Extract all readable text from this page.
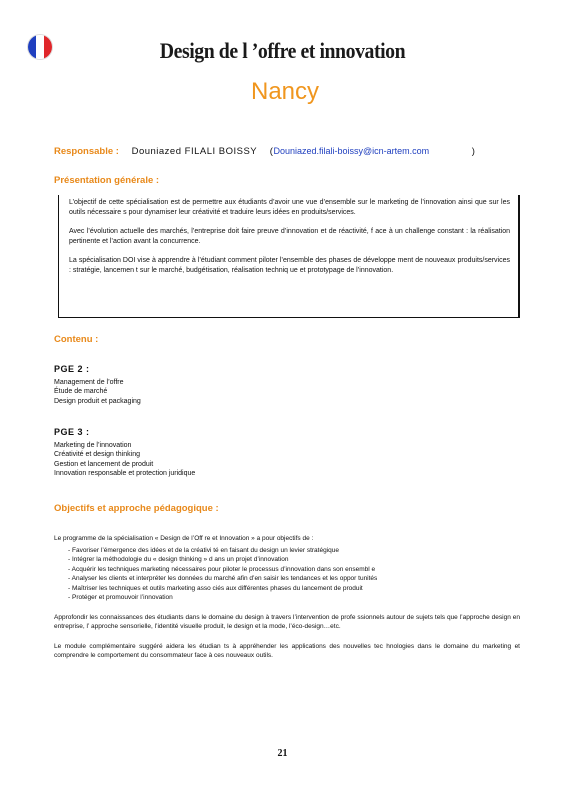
Design de l ’offre et innovation
Nancy
Responsable : Douniazed FILALI BOISSY (Douniazed.filali-boissy@icn-artem.com	)
Présentation générale :

L’objectif de cette spécialisation est de permettre aux étudiants d’avoir une vue d’ensemble sur le marketing de l’innovation ainsi que sur les outils nécessaire s pour dynamiser leur créativité et traduire leurs idées en produits/services.

Avec l’évolution actuelle des marchés, l’entreprise doit faire preuve d’innovation et de réactivité, f ace à un challenge constant : la réalisation pertinente et l’action avant la concurrence.

La spécialisation DOI vise à apprendre à l’étudiant comment piloter l’ensemble des phases de développe ment de nouveaux produits/services : stratégie, lancemen t sur le marché, budgétisation, réalisation techniq ue et prototypage de l’innovation.

Contenu :
PGE 2 :
Management de l’offre
Étude de marché
Design produit et packaging
PGE 3 :
Marketing de l’innovation
Créativité et design thinking
Gestion et lancement de produit
Innovation responsable et protection juridique
Objectifs et approche pédagogique :
Le programme de la spécialisation « Design de l’Off re et Innovation » a pour objectifs de :
- Favoriser l’émergence des idées et de la créativi té en faisant du design un levier stratégique
- Intégrer la méthodologie du « design thinking » d ans un projet d’innovation
- Acquérir les techniques marketing nécessaires pour piloter le processus d’innovation dans son ensembl e
- Analyser les clients et interpréter les données du marché afin d’en saisir les tendances et les oppor tunités
- Maîtriser les techniques et outils marketing asso ciés aux différentes phases du lancement de produit
- Protéger et promouvoir l’innovation

Approfondir les connaissances des étudiants dans le domaine du design à travers l’intervention de profe ssionnels autour de sujets tels que l’approche design en entreprise, l’ approche sensorielle, l’identité visuelle produit, le design et la mode, l’éco-design…etc.

Le module complémentaire suggéré aidera les étudian ts à appréhender les applications des nouvelles tec hnologies dans le domaine du marketing et comprendre le comportement du consommateur face à ces nouveaux outils.

21
